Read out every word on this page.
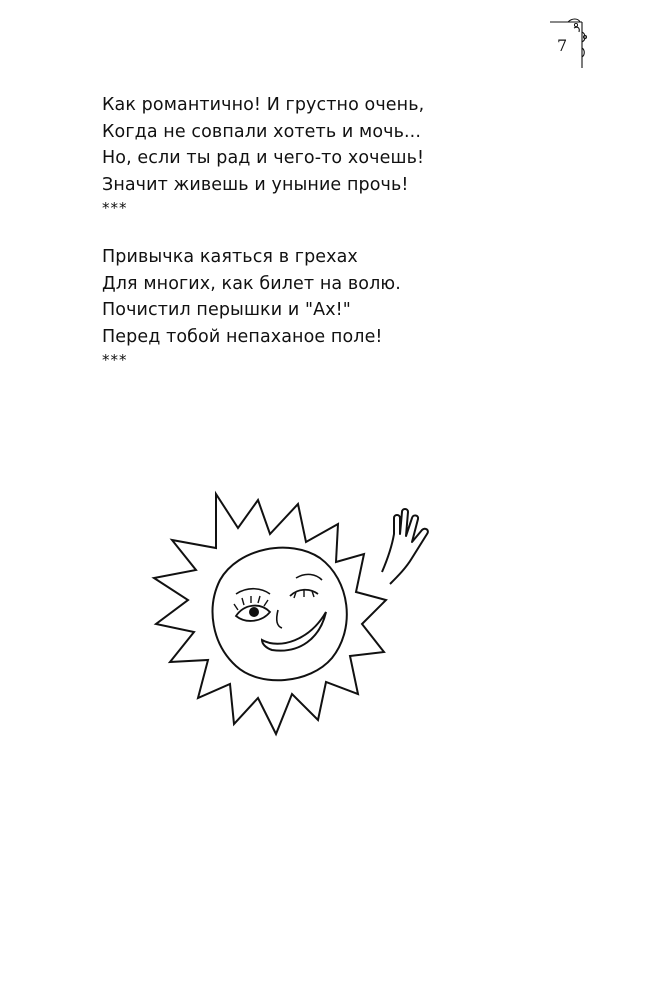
7
Как романтично! И грустно очень,
Когда не совпали хотеть и мочь...
Но, если ты рад и чего-то хочешь!
Значит живешь и уныние прочь!
***
Привычка каяться в грехах
Для многих, как билет на волю.
Почистил перышки и "Ах!"
Перед тобой непаханое поле!
***
